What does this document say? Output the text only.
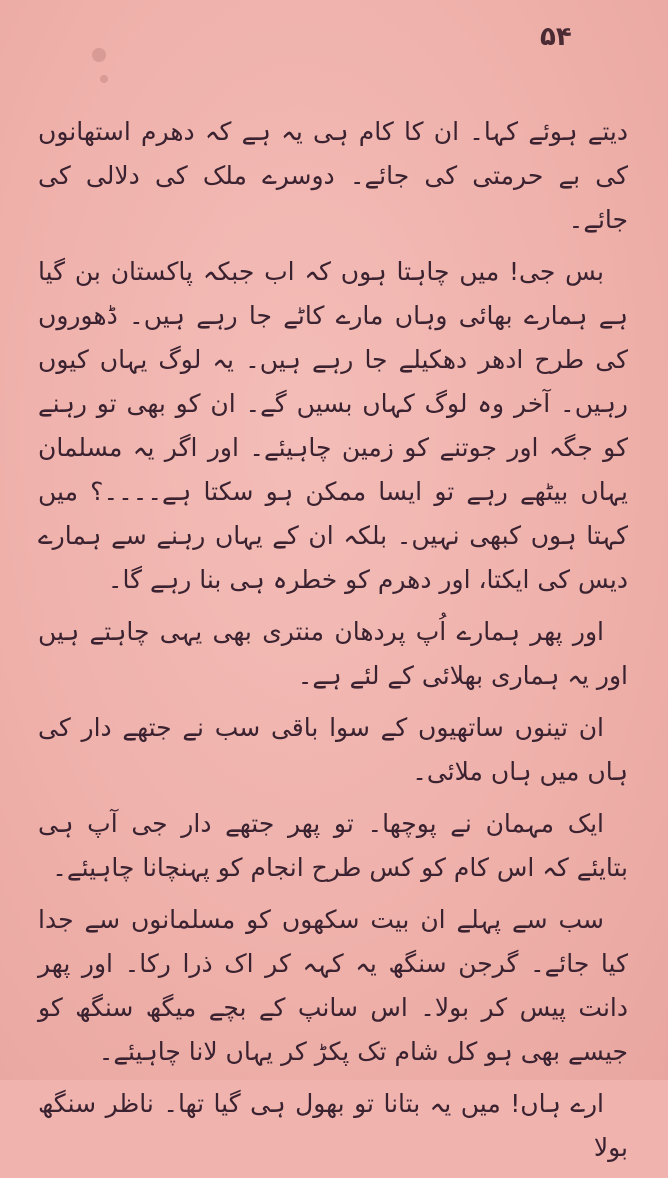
۵۴

دیتے ہوئے کہا۔ ان کا کام ہی یہ ہے کہ دھرم استھانوں کی بے حرمتی کی جائے۔ دوسرے ملک کی دلالی کی جائے۔

بس جی! میں چاہتا ہوں کہ اب جبکہ پاکستان بن گیا ہے ہمارے بھائی وہاں مارے کاٹے جا رہے ہیں۔ ڈھوروں کی طرح ادھر دھکیلے جا رہے ہیں۔ یہ لوگ یہاں کیوں رہیں۔ آخر وہ لوگ کہاں بسیں گے۔ ان کو بھی تو رہنے کو جگہ اور جوتنے کو زمین چاہیئے۔ اور اگر یہ مسلمان یہاں بیٹھے رہے تو ایسا ممکن ہو سکتا ہے۔۔۔۔؟ میں کہتا ہوں کبھی نہیں۔ بلکہ ان کے یہاں رہنے سے ہمارے دیس کی ایکتا، اور دھرم کو خطرہ ہی بنا رہے گا۔

اور پھر ہمارے اُپ پردھان منتری بھی یہی چاہتے ہیں اور یہ ہماری بھلائی کے لئے ہے۔

ان تینوں ساتھیوں کے سوا باقی سب نے جتھے دار کی ہاں میں ہاں ملائی۔

ایک مہمان نے پوچھا۔ تو پھر جتھے دار جی آپ ہی بتایئے کہ اس کام کو کس طرح انجام کو پہنچانا چاہیئے۔

سب سے پہلے ان بیت سکھوں کو مسلمانوں سے جدا کیا جائے۔ گرجن سنگھ یہ کہہ کر اک ذرا رکا۔ اور پھر دانت پیس کر بولا۔ اس سانپ کے بچے میگھ سنگھ کو جیسے بھی ہو کل شام تک پکڑ کر یہاں لانا چاہیئے۔

ارے ہاں! میں یہ بتانا تو بھول ہی گیا تھا۔ ناظر سنگھ بولا
